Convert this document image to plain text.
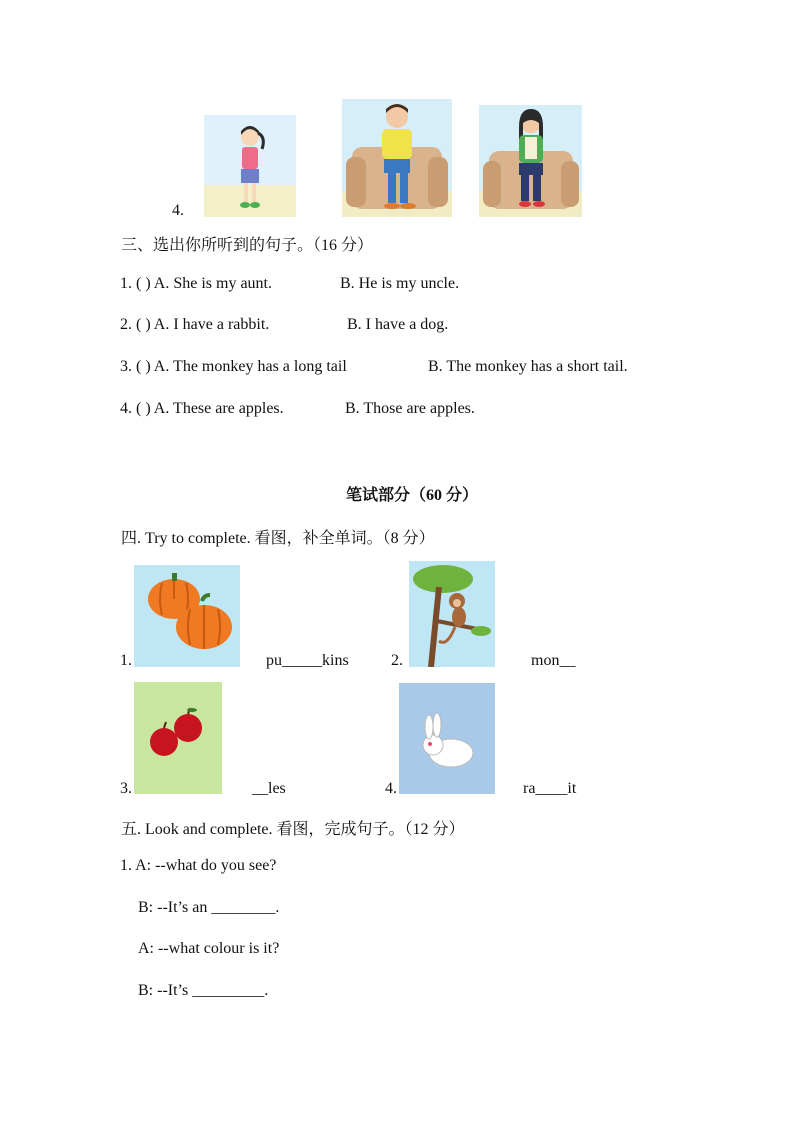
4.
三、选出你所听到的句子。（16 分）
1. ( ) A. She is my aunt.	B. He is my uncle.
2. ( ) A. I have a rabbit.	B. I have a dog.
3. ( ) A. The monkey has a long tail	B. The monkey has a short tail.
4. ( ) A. These are apples.	B. Those are apples.
笔试部分（60 分）
四. Try to complete. 看图，补全单词。（8 分）
1.	pu_____kins	2.	mon__
3.	__les	4.	ra____it
五. Look and complete. 看图，完成句子。（12 分）
1. A: --what do you see?
B: --It’s an ________.
A: --what colour is it?
B: --It’s _________.
